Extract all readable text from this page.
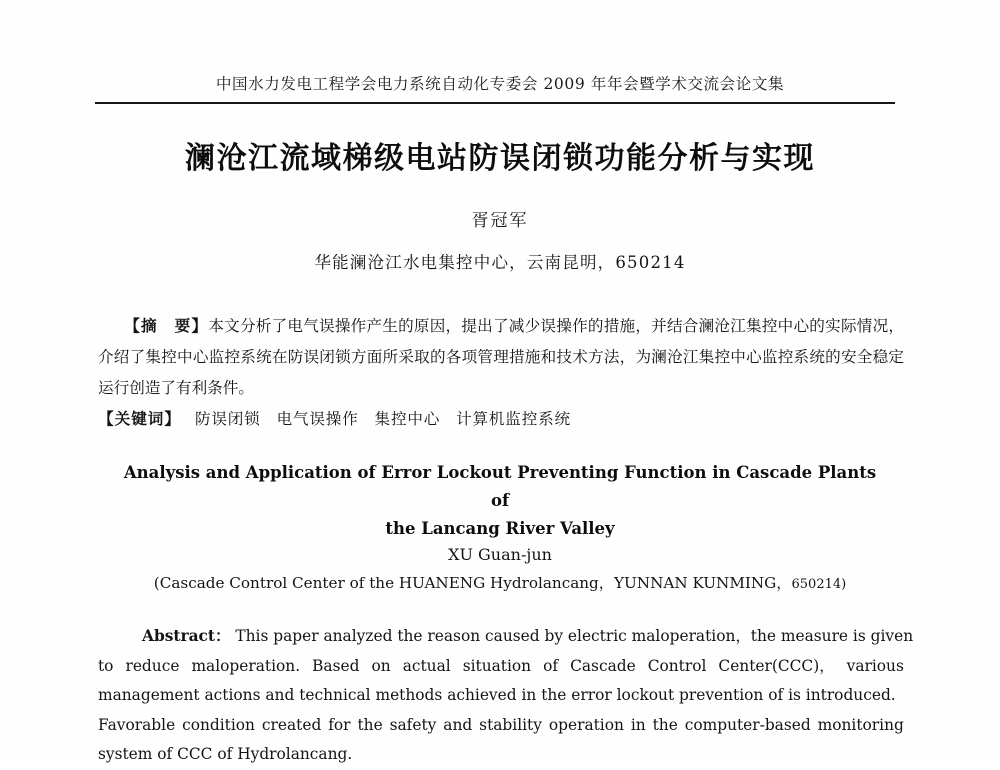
中国水力发电工程学会电力系统自动化专委会 2009 年年会暨学术交流会论文集
澜沧江流域梯级电站防误闭锁功能分析与实现
胥冠军
华能澜沧江水电集控中心，云南昆明，650214
【摘　要】本文分析了电气误操作产生的原因，提出了减少误操作的措施，并结合澜沧江集控中心的实际情况，介绍了集控中心监控系统在防误闭锁方面所采取的各项管理措施和技术方法，为澜沧江集控中心监控系统的安全稳定运行创造了有利条件。
【关键词】 防误闭锁 电气误操作 集控中心 计算机监控系统
Analysis and Application of Error Lockout Preventing Function in Cascade Plants of
the Lancang River Valley
XU Guan-jun
(Cascade Control Center of the HUANENG Hydrolancang，YUNNAN KUNMING，650214)

Abstract： This paper analyzed the reason caused by electric maloperation，the measure is given
to reduce maloperation. Based on actual situation of Cascade Control Center(CCC)， various
management actions and technical methods achieved in the error lockout prevention of is introduced.
Favorable condition created for the safety and stability operation in the computer-based monitoring
system of CCC of Hydrolancang.
